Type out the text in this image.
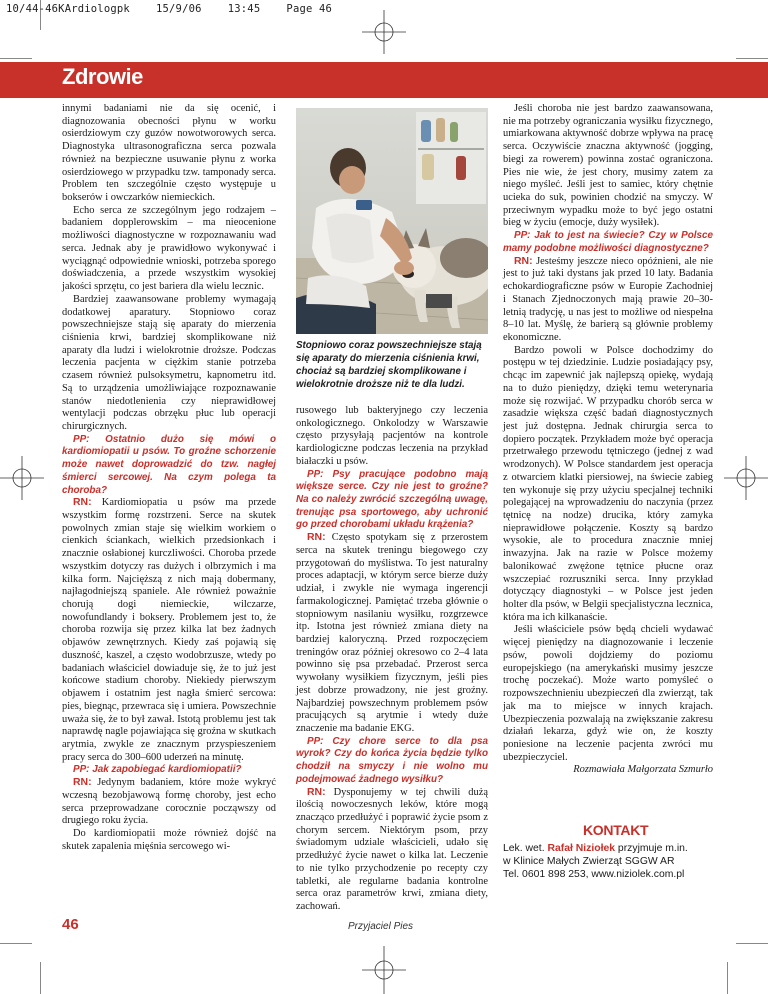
10/44-46KArdiologpk    15/9/06    13:45    Page 46
Zdrowie

innymi badaniami nie da się ocenić, i diagnozowania obecności płynu w worku osierdziowym czy guzów nowotworowych serca. Diagnostyka ultrasonograficzna serca pozwala również na bezpieczne usuwanie płynu z worka osierdziowego w przypadku tzw. tamponady serca. Problem ten szczególnie często występuje u bokserów i owczarków niemieckich.

Echo serca ze szczególnym jego rodzajem – badaniem dopplerowskim – ma nieocenione możliwości diagnostyczne w rozpoznawaniu wad serca. Jednak aby je prawidłowo wykonywać i wyciągnąć odpowiednie wnioski, potrzeba sporego doświadczenia, a przede wszystkim wysokiej jakości sprzętu, co jest bariera dla wielu lecznic.

Bardziej zaawansowane problemy wymagają dodatkowej aparatury. Stopniowo coraz powszechniejsze stają się aparaty do mierzenia ciśnienia krwi, bardziej skomplikowane niż aparaty dla ludzi i wielokrotnie droższe. Podczas leczenia pacjenta w ciężkim stanie potrzeba czasem również pulsoksymetru, kapnometru itd. Są to urządzenia umożliwiające rozpoznawanie stanów niedotlenienia czy nieprawidłowej wentylacji podczas obrzęku płuc lub operacji chirurgicznych.

PP: Ostatnio dużo się mówi o kardiomiopatii u psów. To groźne schorzenie może nawet doprowadzić do tzw. nagłej śmierci sercowej. Na czym polega ta choroba?

RN: Kardiomiopatia u psów ma przede wszystkim formę rozstrzeni. Serce na skutek powolnych zmian staje się wielkim workiem o cienkich ściankach, wielkich przedsionkach i znacznie osłabionej kurczliwości. Choroba przede wszystkim dotyczy ras dużych i olbrzymich i ma kilka form. Najcięższą z nich mają dobermany, najłagodniejszą spaniele. Ale również poważnie chorują dogi niemieckie, wilczarze, nowofundlandy i boksery. Problemem jest to, że choroba rozwija się przez kilka lat bez żadnych objawów zewnętrznych. Kiedy zaś pojawią się duszność, kaszel, a często wodobrzusze, wtedy po badaniach właściciel dowiaduje się, że to już jest końcowe stadium choroby. Niekiedy pierwszym objawem i ostatnim jest nagła śmierć sercowa: pies, biegnąc, przewraca się i umiera. Powszechnie uważa się, że to był zawał. Istotą problemu jest tak naprawdę nagle pojawiająca się groźna w skutkach arytmia, zwykle ze znacznym przyspieszeniem pracy serca do 300–600 uderzeń na minutę.

PP: Jak zapobiegać kardiomiopatii?

RN: Jedynym badaniem, które może wykryć wczesną bezobjawową formę choroby, jest echo serca przeprowadzane corocznie począwszy od drugiego roku życia.

Do kardiomiopatii może również dojść na skutek zapalenia mięśnia sercowego wi-

Stopniowo coraz powszechniejsze stają się aparaty do mierzenia ciśnienia krwi, chociaż są bardziej skomplikowane i wielokrotnie droższe niż te dla ludzi.

rusowego lub bakteryjnego czy leczenia onkologicznego. Onkolodzy w Warszawie często przysyłają pacjentów na kontrole kardiologiczne podczas leczenia na przykład białaczki u psów.

PP: Psy pracujące podobno mają większe serce. Czy nie jest to groźne? Na co należy zwrócić szczególną uwagę, trenując psa sportowego, aby uchronić go przed chorobami układu krążenia?

RN: Często spotykam się z przerostem serca na skutek treningu biegowego czy przygotowań do myślistwa. To jest naturalny proces adaptacji, w którym serce bierze duży udział, i zwykle nie wymaga ingerencji farmakologicznej. Pamiętać trzeba głównie o stopniowym nasilaniu wysiłku, rozgrzewce itp. Istotna jest również zmiana diety na bardziej kaloryczną. Przed rozpoczęciem treningów oraz później okresowo co 2–4 lata powinno się psa przebadać. Przerost serca wywołany wysiłkiem fizycznym, jeśli pies jest dobrze prowadzony, nie jest groźny. Najbardziej powszechnym problemem psów pracujących są arytmie i wtedy duże znaczenie ma badanie EKG.

PP: Czy chore serce to dla psa wyrok? Czy do końca życia będzie tylko chodził na smyczy i nie wolno mu podejmować żadnego wysiłku?

RN: Dysponujemy w tej chwili dużą ilością nowoczesnych leków, które mogą znacząco przedłużyć i poprawić życie psom z chorym sercem. Niektórym psom, przy świadomym udziale właścicieli, udało się przedłużyć życie nawet o kilka lat. Leczenie to nie tylko przychodzenie po recepty czy tabletki, ale regularne badania kontrolne serca oraz parametrów krwi, zmiana diety, zachowań.

Jeśli choroba nie jest bardzo zaawansowana, nie ma potrzeby ograniczania wysiłku fizycznego, umiarkowana aktywność dobrze wpływa na pracę serca. Oczywiście znaczna aktywność (jogging, biegi za rowerem) powinna zostać ograniczona. Pies nie wie, że jest chory, musimy zatem za niego myśleć. Jeśli jest to samiec, który chętnie ucieka do suk, powinien chodzić na smyczy. W przeciwnym wypadku może to być jego ostatni bieg w życiu (emocje, duży wysiłek).

PP: Jak to jest na świecie? Czy w Polsce mamy podobne możliwości diagnostyczne?

RN: Jesteśmy jeszcze nieco opóźnieni, ale nie jest to już taki dystans jak przed 10 laty. Badania echokardiograficzne psów w Europie Zachodniej i Stanach Zjednoczonych mają prawie 20–30-letnią tradycję, u nas jest to możliwe od niespełna 8–10 lat. Myślę, że barierą są głównie problemy ekonomiczne.

Bardzo powoli w Polsce dochodzimy do postępu w tej dziedzinie. Ludzie posiadający psy, chcąc im zapewnić jak najlepszą opiekę, wydają na to dużo pieniędzy, dzięki temu weterynaria może się rozwijać. W przypadku chorób serca w zasadzie większa część badań diagnostycznych jest już dostępna. Jednak chirurgia serca to dopiero początek. Przykładem może być operacja przetrwałego przewodu tętniczego (jednej z wad wrodzonych). W Polsce standardem jest operacja z otwarciem klatki piersiowej, na świecie zabieg ten wykonuje się przy użyciu specjalnej techniki polegającej na wprowadzeniu do naczynia (przez tętnicę na nodze) drucika, który zamyka nieprawidłowe połączenie. Koszty są bardzo wysokie, ale to procedura znacznie mniej inwazyjna. Jak na razie w Polsce możemy balonikować zwężone tętnice płucne oraz wszczepiać rozruszniki serca. Inny przykład dotyczący diagnostyki – w Polsce jest jeden holter dla psów, w Belgii specjalistyczna lecznica, która ma ich kilkanaście.

Jeśli właściciele psów będą chcieli wydawać więcej pieniędzy na diagnozowanie i leczenie psów, powoli dojdziemy do poziomu europejskiego (na amerykański musimy jeszcze trochę poczekać). Może warto pomyśleć o rozpowszechnieniu ubezpieczeń dla zwierząt, tak jak ma to miejsce w innych krajach. Ubezpieczenia pozwalają na zwiększanie zakresu działań lekarza, gdyż wie on, że koszty poniesione na leczenie pacjenta zwróci mu ubezpieczyciel.

Rozmawiała Małgorzata Szmurło

KONTAKT
Lek. wet. Rafał Niziołek przyjmuje m.in.
w Klinice Małych Zwierząt SGGW AR
Tel. 0601 898 253, www.niziolek.com.pl
46	Przyjaciel Pies
